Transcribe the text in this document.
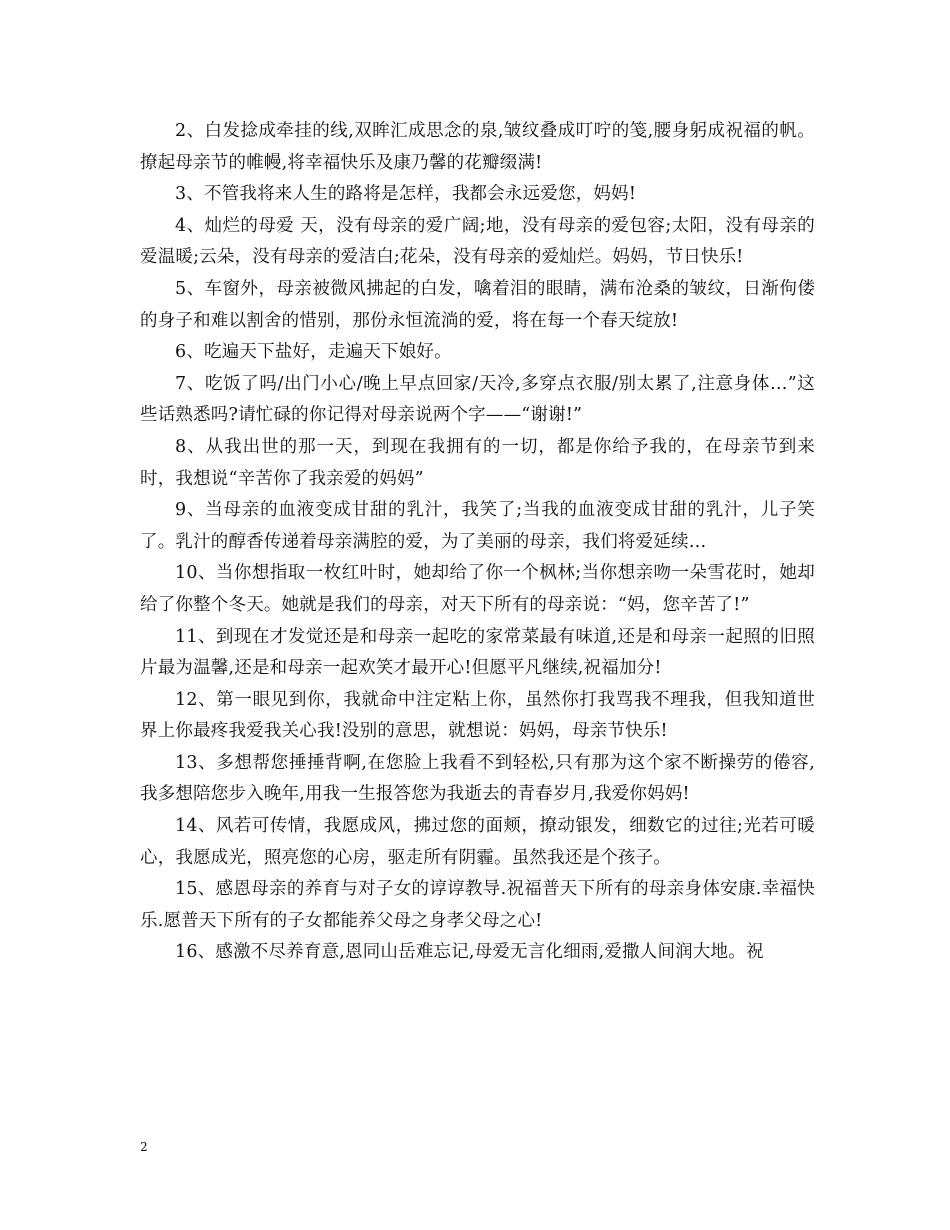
2、白发捻成牵挂的线,双眸汇成思念的泉,皱纹叠成叮咛的笺,腰身躬成祝福的帆。撩起母亲节的帷幔,将幸福快乐及康乃馨的花瓣缀满!

3、不管我将来人生的路将是怎样，我都会永远爱您，妈妈!

4、灿烂的母爱 天，没有母亲的爱广阔;地，没有母亲的爱包容;太阳，没有母亲的爱温暖;云朵，没有母亲的爱洁白;花朵，没有母亲的爱灿烂。妈妈，节日快乐!

5、车窗外，母亲被微风拂起的白发，噙着泪的眼睛，满布沧桑的皱纹，日渐佝偻的身子和难以割舍的惜别，那份永恒流淌的爱，将在每一个春天绽放!

6、吃遍天下盐好，走遍天下娘好。

7、吃饭了吗/出门小心/晚上早点回家/天冷,多穿点衣服/别太累了,注意身体…”这些话熟悉吗?请忙碌的你记得对母亲说两个字——“谢谢!”

8、从我出世的那一天，到现在我拥有的一切，都是你给予我的，在母亲节到来时，我想说“辛苦你了我亲爱的妈妈”

9、当母亲的血液变成甘甜的乳汁，我笑了;当我的血液变成甘甜的乳汁，儿子笑了。乳汁的醇香传递着母亲满腔的爱，为了美丽的母亲，我们将爱延续…

10、当你想指取一枚红叶时，她却给了你一个枫林;当你想亲吻一朵雪花时，她却给了你整个冬天。她就是我们的母亲，对天下所有的母亲说：“妈，您辛苦了!”

11、到现在才发觉还是和母亲一起吃的家常菜最有味道,还是和母亲一起照的旧照片最为温馨,还是和母亲一起欢笑才最开心!但愿平凡继续,祝福加分!

12、第一眼见到你，我就命中注定粘上你，虽然你打我骂我不理我，但我知道世界上你最疼我爱我关心我!没别的意思，就想说：妈妈，母亲节快乐!

13、多想帮您捶捶背啊,在您脸上我看不到轻松,只有那为这个家不断操劳的倦容,我多想陪您步入晚年,用我一生报答您为我逝去的青春岁月,我爱你妈妈!

14、风若可传情，我愿成风，拂过您的面颊，撩动银发，细数它的过往;光若可暖心，我愿成光，照亮您的心房，驱走所有阴霾。虽然我还是个孩子。

15、感恩母亲的养育与对子女的谆谆教导.祝福普天下所有的母亲身体安康.幸福快乐.愿普天下所有的子女都能养父母之身孝父母之心!

16、感激不尽养育意,恩同山岳难忘记,母爱无言化细雨,爱撒人间润大地。祝

2
